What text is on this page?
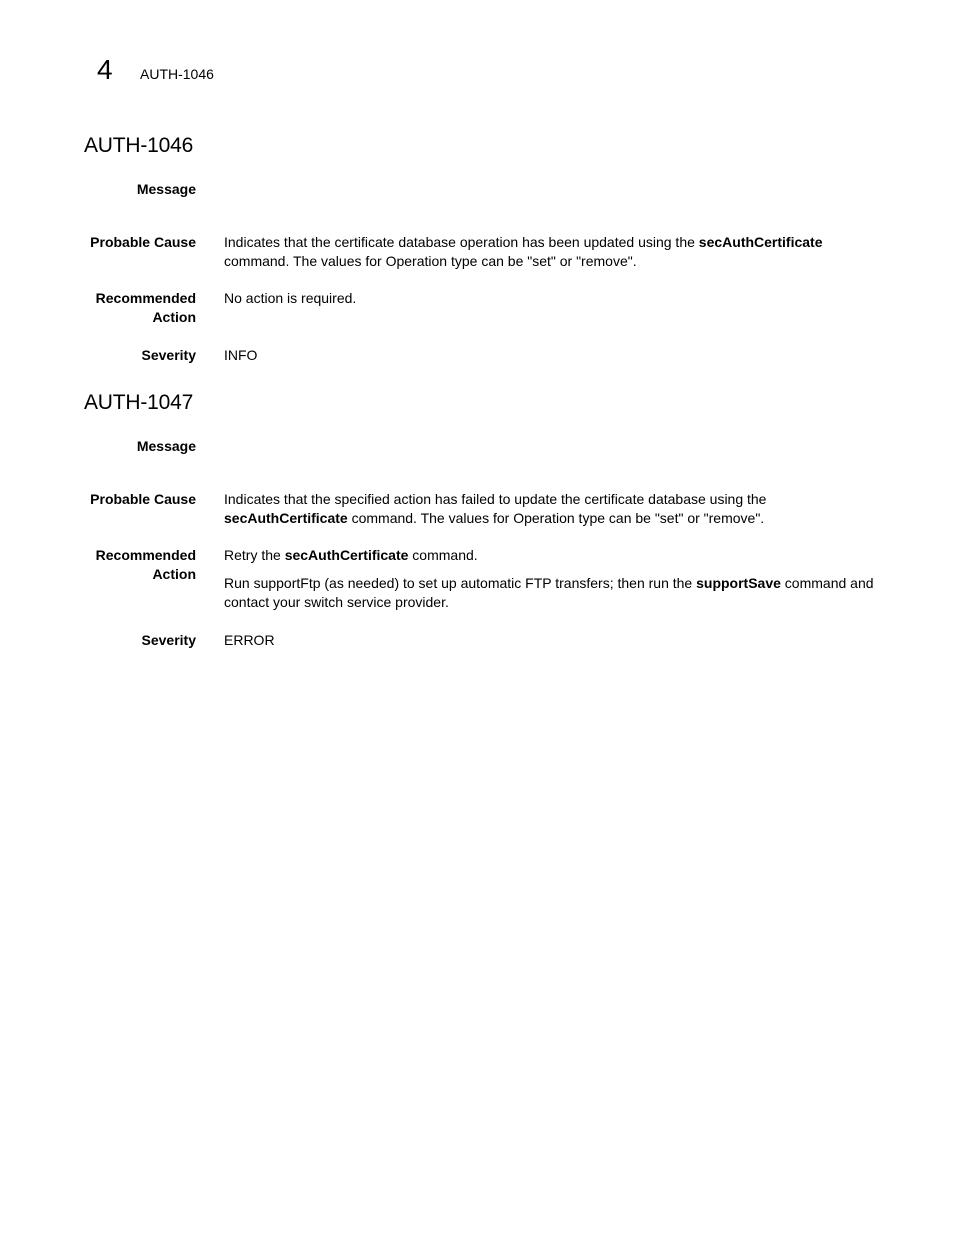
4 AUTH-1046
AUTH-1046
Message
Probable Cause Indicates that the certificate database operation has been updated using the secAuthCertificate command. The values for Operation type can be "set" or "remove".

Recommended
Action

No action is required.

Severity INFO
AUTH-1047
Message
Probable Cause Indicates that the specified action has failed to update the certificate database using the secAuthCertificate command. The values for Operation type can be "set" or "remove".

Recommended
Action

Retry the secAuthCertificate command.

Run supportFtp (as needed) to set up automatic FTP transfers; then run the supportSave command and contact your switch service provider.

Severity ERROR
